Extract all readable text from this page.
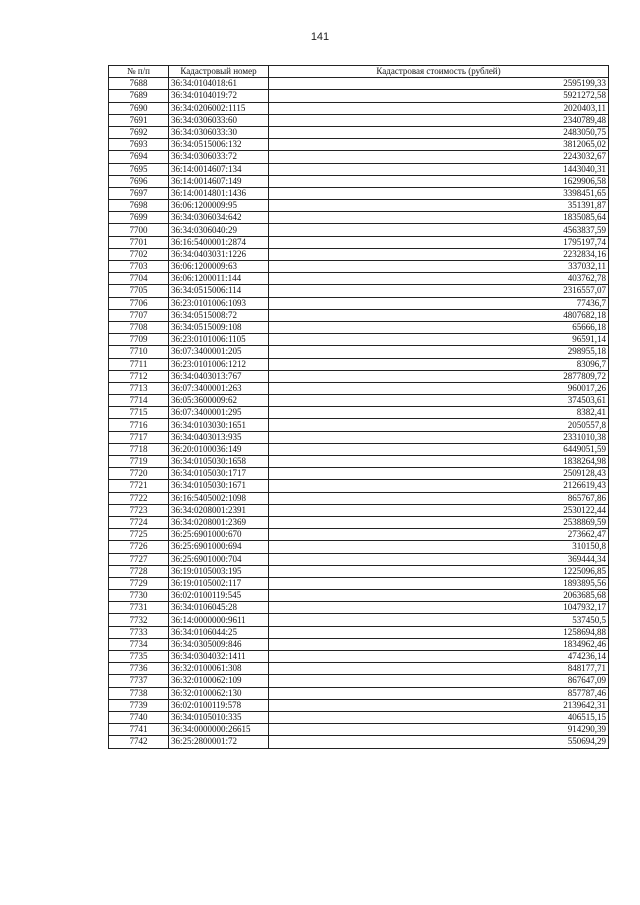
141
№ п/п	Кадастровый номер	Кадастровая стоимость (рублей)
7688	36:34:0104018:61	2595199,33
7689	36:34:0104019:72	5921272,58
7690	36:34:0206002:1115	2020403,11
7691	36:34:0306033:60	2340789,48
7692	36:34:0306033:30	2483050,75
7693	36:34:0515006:132	3812065,02
7694	36:34:0306033:72	2243032,67
7695	36:14:0014607:134	1443040,31
7696	36:14:0014607:149	1629906,58
7697	36:14:0014801:1436	3398451,65
7698	36:06:1200009:95	351391,87
7699	36:34:0306034:642	1835085,64
7700	36:34:0306040:29	4563837,59
7701	36:16:5400001:2874	1795197,74
7702	36:34:0403031:1226	2232834,16
7703	36:06:1200009:63	337032,11
7704	36:06:1200011:144	403762,78
7705	36:34:0515006:114	2316557,07
7706	36:23:0101006:1093	77436,7
7707	36:34:0515008:72	4807682,18
7708	36:34:0515009:108	65666,18
7709	36:23:0101006:1105	96591,14
7710	36:07:3400001:205	298955,18
7711	36:23:0101006:1212	83096,7
7712	36:34:0403013:767	2877809,72
7713	36:07:3400001:263	960017,26
7714	36:05:3600009:62	374503,61
7715	36:07:3400001:295	8382,41
7716	36:34:0103030:1651	2050557,8
7717	36:34:0403013:935	2331010,38
7718	36:20:0100036:149	6449051,59
7719	36:34:0105030:1658	1838264,98
7720	36:34:0105030:1717	2509128,43
7721	36:34:0105030:1671	2126619,43
7722	36:16:5405002:1098	865767,86
7723	36:34:0208001:2391	2530122,44
7724	36:34:0208001:2369	2538869,59
7725	36:25:6901000:670	273662,47
7726	36:25:6901000:694	310150,8
7727	36:25:6901000:704	369444,34
7728	36:19:0105003:195	1225096,85
7729	36:19:0105002:117	1893895,56
7730	36:02:0100119:545	2063685,68
7731	36:34:0106045:28	1047932,17
7732	36:14:0000000:9611	537450,5
7733	36:34:0106044:25	1258694,88
7734	36:34:0305009:846	1834962,46
7735	36:34:0304032:1411	474236,14
7736	36:32:0100061:308	848177,71
7737	36:32:0100062:109	867647,09
7738	36:32:0100062:130	857787,46
7739	36:02:0100119:578	2139642,31
7740	36:34:0105010:335	406515,15
7741	36:34:0000000:26615	914290,39
7742	36:25:2800001:72	550694,29
